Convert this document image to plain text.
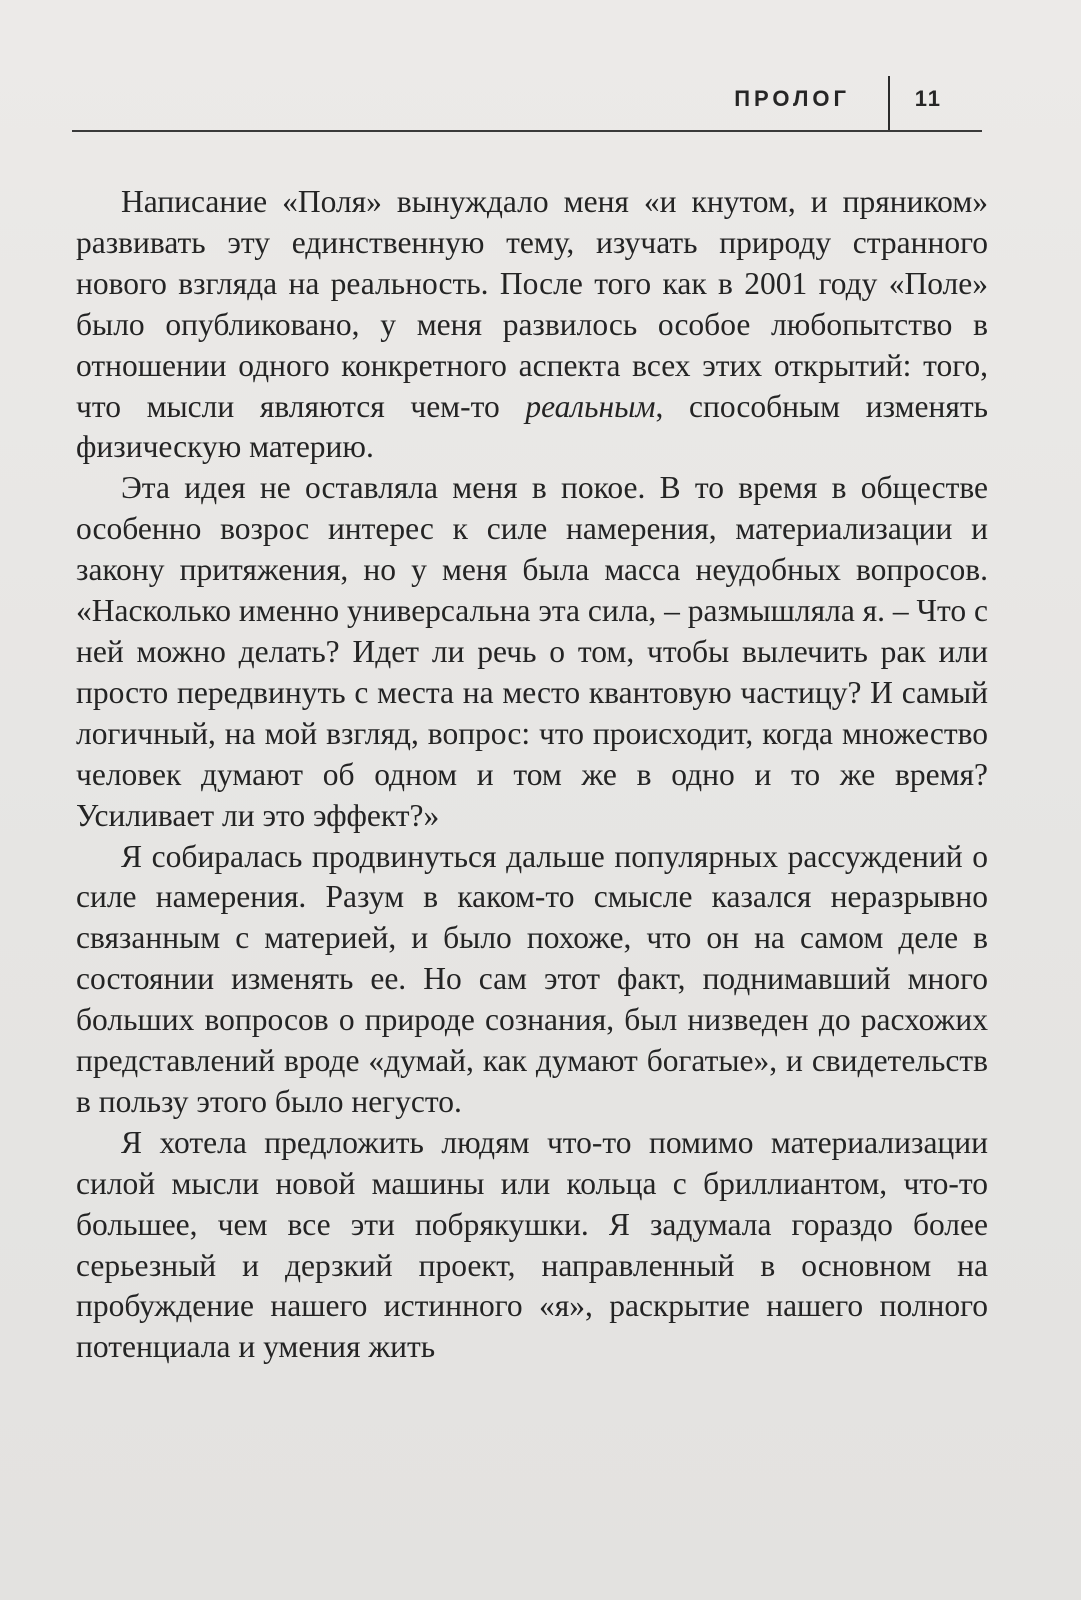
ПРОЛОГ	11

Написание «Поля» вынуждало меня «и кнутом, и пряником» развивать эту единственную тему, изучать природу странного нового взгляда на реальность. После того как в 2001 году «Поле» было опубликовано, у меня развилось особое любопытство в отношении одного конкретного аспекта всех этих открытий: того, что мысли являются чем-то реальным, способным изменять физическую материю.

Эта идея не оставляла меня в покое. В то время в обществе особенно возрос интерес к силе намерения, материализации и закону притяжения, но у меня была масса неудобных вопросов. «Насколько именно универсальна эта сила, – размышляла я. – Что с ней можно делать? Идет ли речь о том, чтобы вылечить рак или просто передвинуть с места на место квантовую частицу? И самый логичный, на мой взгляд, вопрос: что происходит, когда множество человек думают об одном и том же в одно и то же время? Усиливает ли это эффект?»

Я собиралась продвинуться дальше популярных рассуждений о силе намерения. Разум в каком-то смысле казался неразрывно связанным с материей, и было похоже, что он на самом деле в состоянии изменять ее. Но сам этот факт, поднимавший много больших вопросов о природе сознания, был низведен до расхожих представлений вроде «думай, как думают богатые», и свидетельств в пользу этого было негусто.

Я хотела предложить людям что-то помимо материализации силой мысли новой машины или кольца с бриллиантом, что-то большее, чем все эти побрякушки. Я задумала гораздо более серьезный и дерзкий проект, направленный в основном на пробуждение нашего истинного «я», раскрытие нашего полного потенциала и умения жить
